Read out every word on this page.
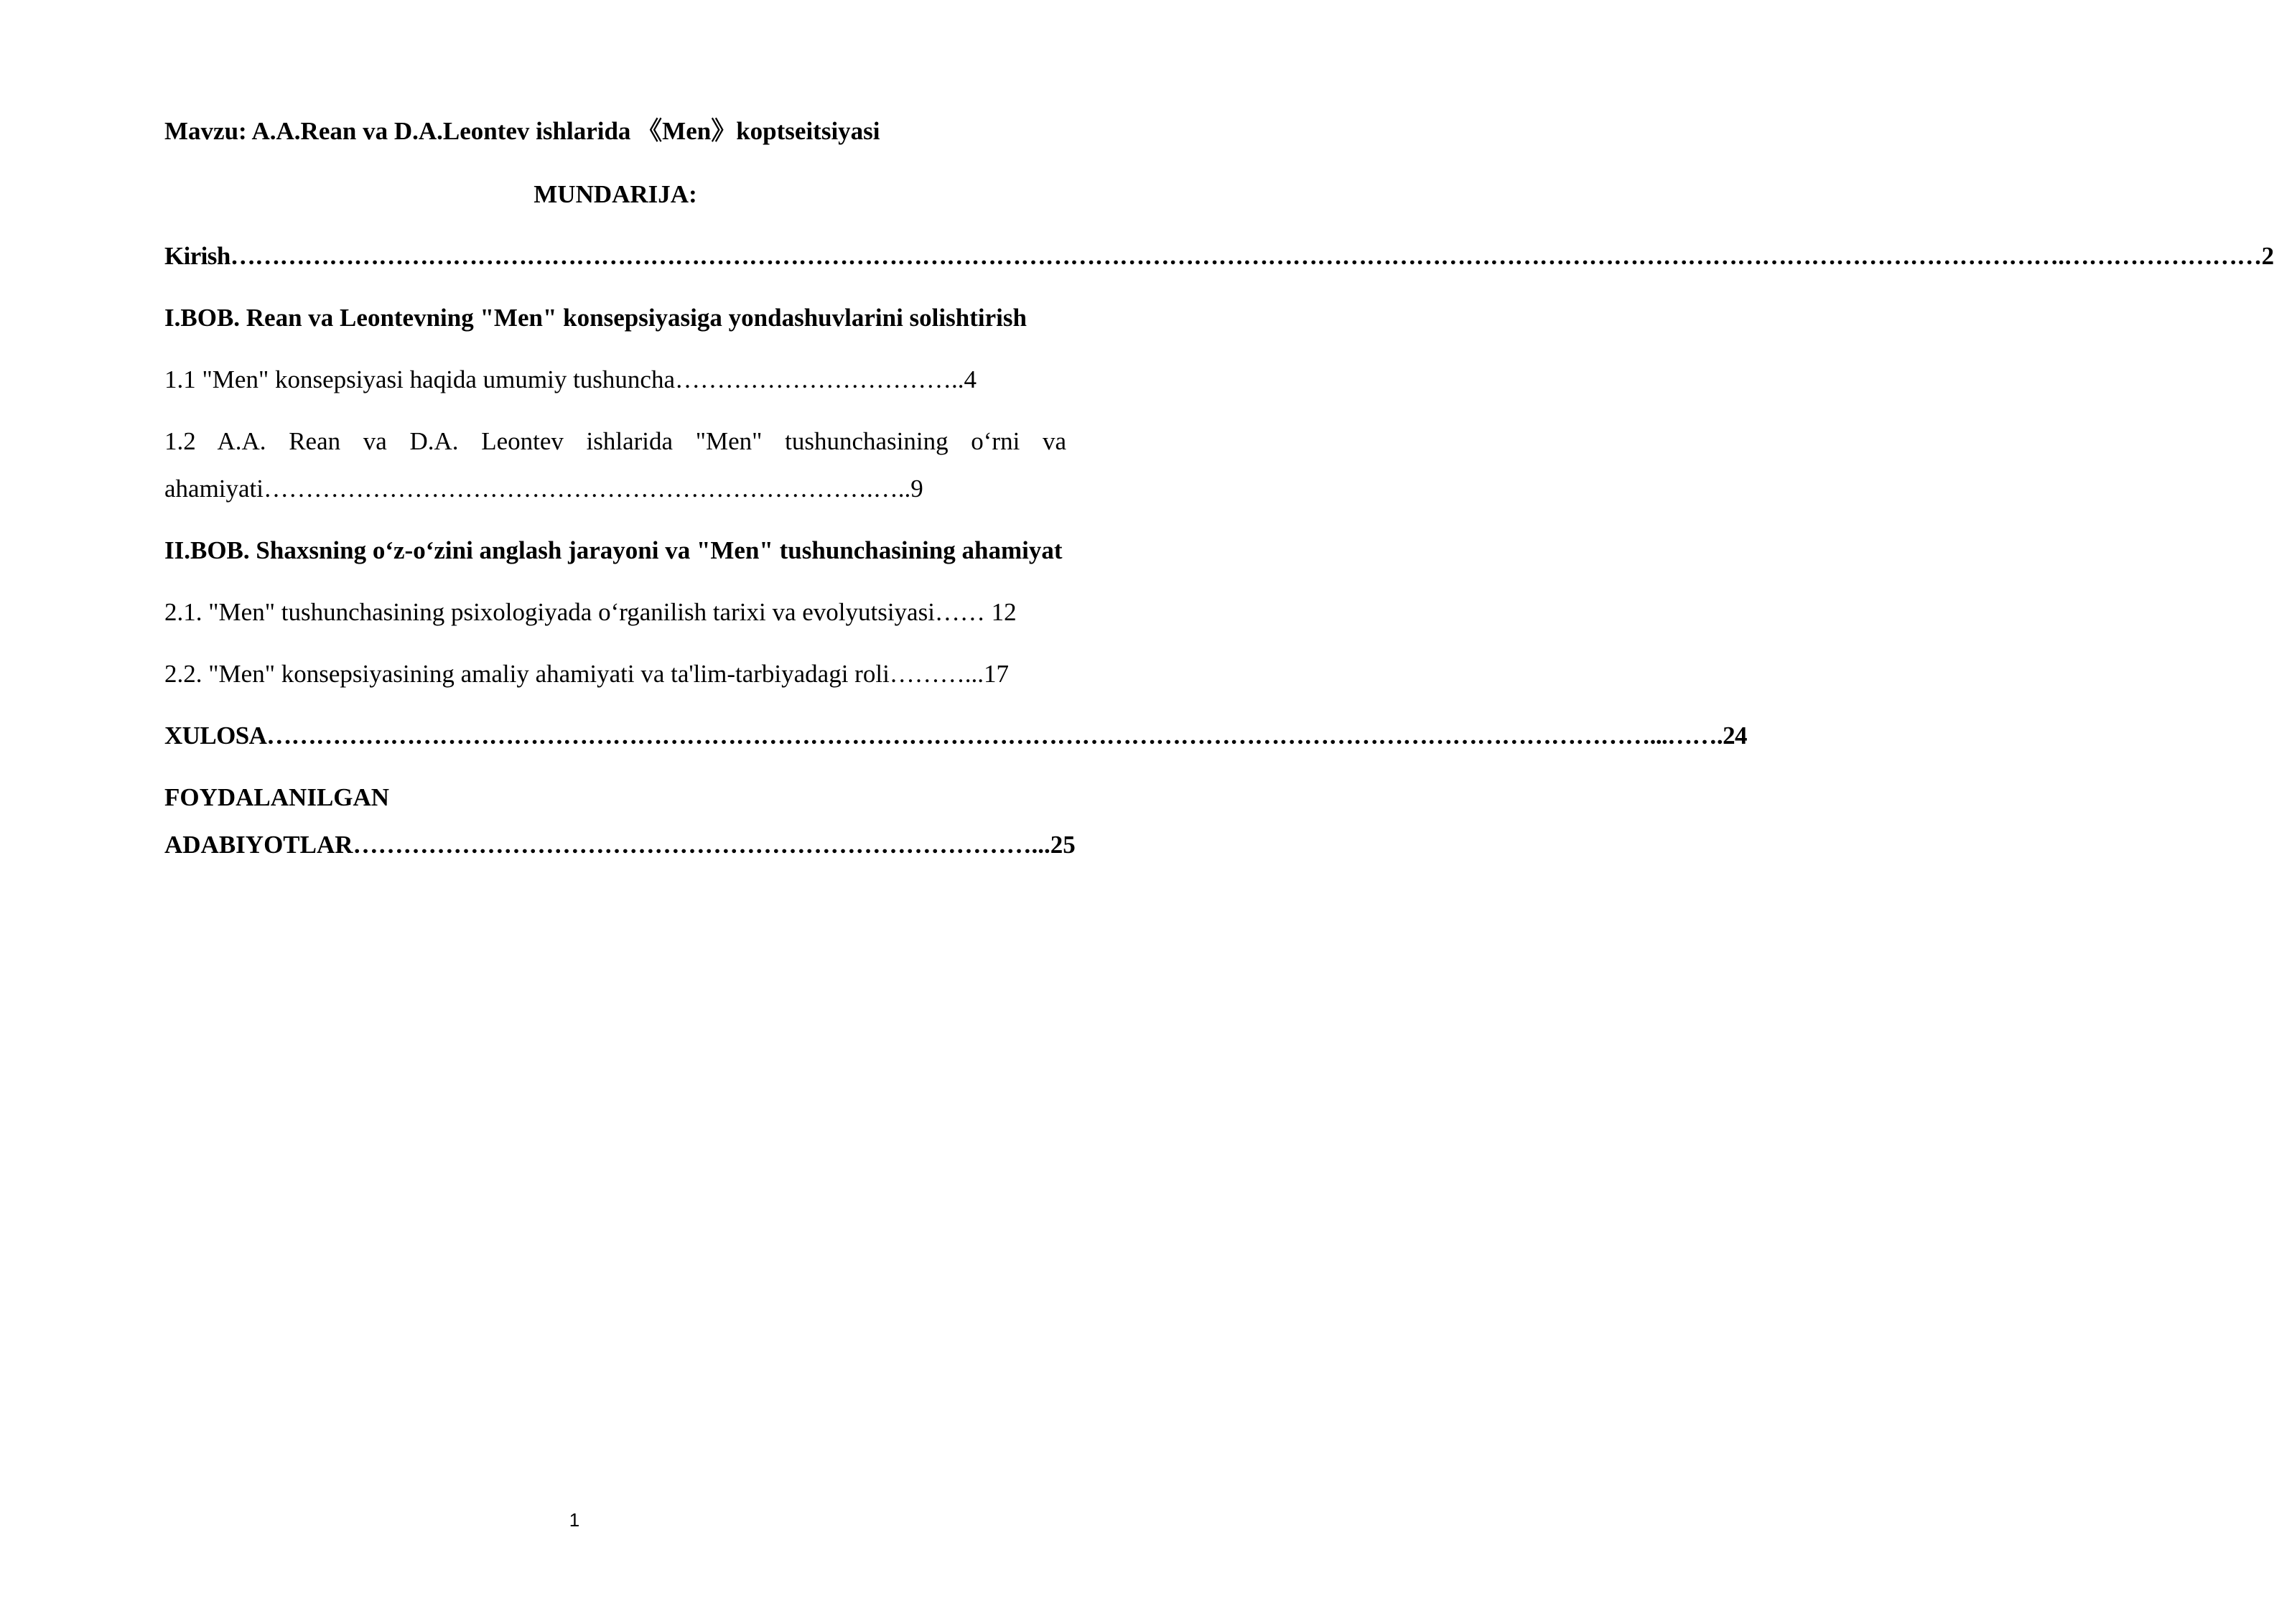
Mavzu: A.A.Rean va D.A.Leontev ishlarida 《Men》koptseitsiyasi
MUNDARIJA:
Kirish…………………………………………………………………………………………………………………………………………………………………………………………………….……………………2
I.BOB. Rean va Leontevning "Men" konsepsiyasiga yondashuvlarini solishtirish
1.1 "Men" konsepsiyasi haqida umumiy tushuncha……………………………..4
1.2 A.A. Rean va D.A. Leontev ishlarida "Men" tushunchasining o‘rni va ahamiyati……………………………………………………………….…..9
II.BOB. Shaxsning o‘z-o‘zini anglash jarayoni va "Men" tushunchasining ahamiyat
2.1. "Men" tushunchasining psixologiyada o‘rganilish tarixi va evolyutsiyasi…… 12
2.2. "Men" konsepsiyasining amaliy ahamiyati va ta'lim-tarbiyadagi roli………...17
XULOSA……………………………………………………………………………………………………………………………………………………...…….24
FOYDALANILGAN ADABIYOTLAR………………………………………………………………………...25
1
